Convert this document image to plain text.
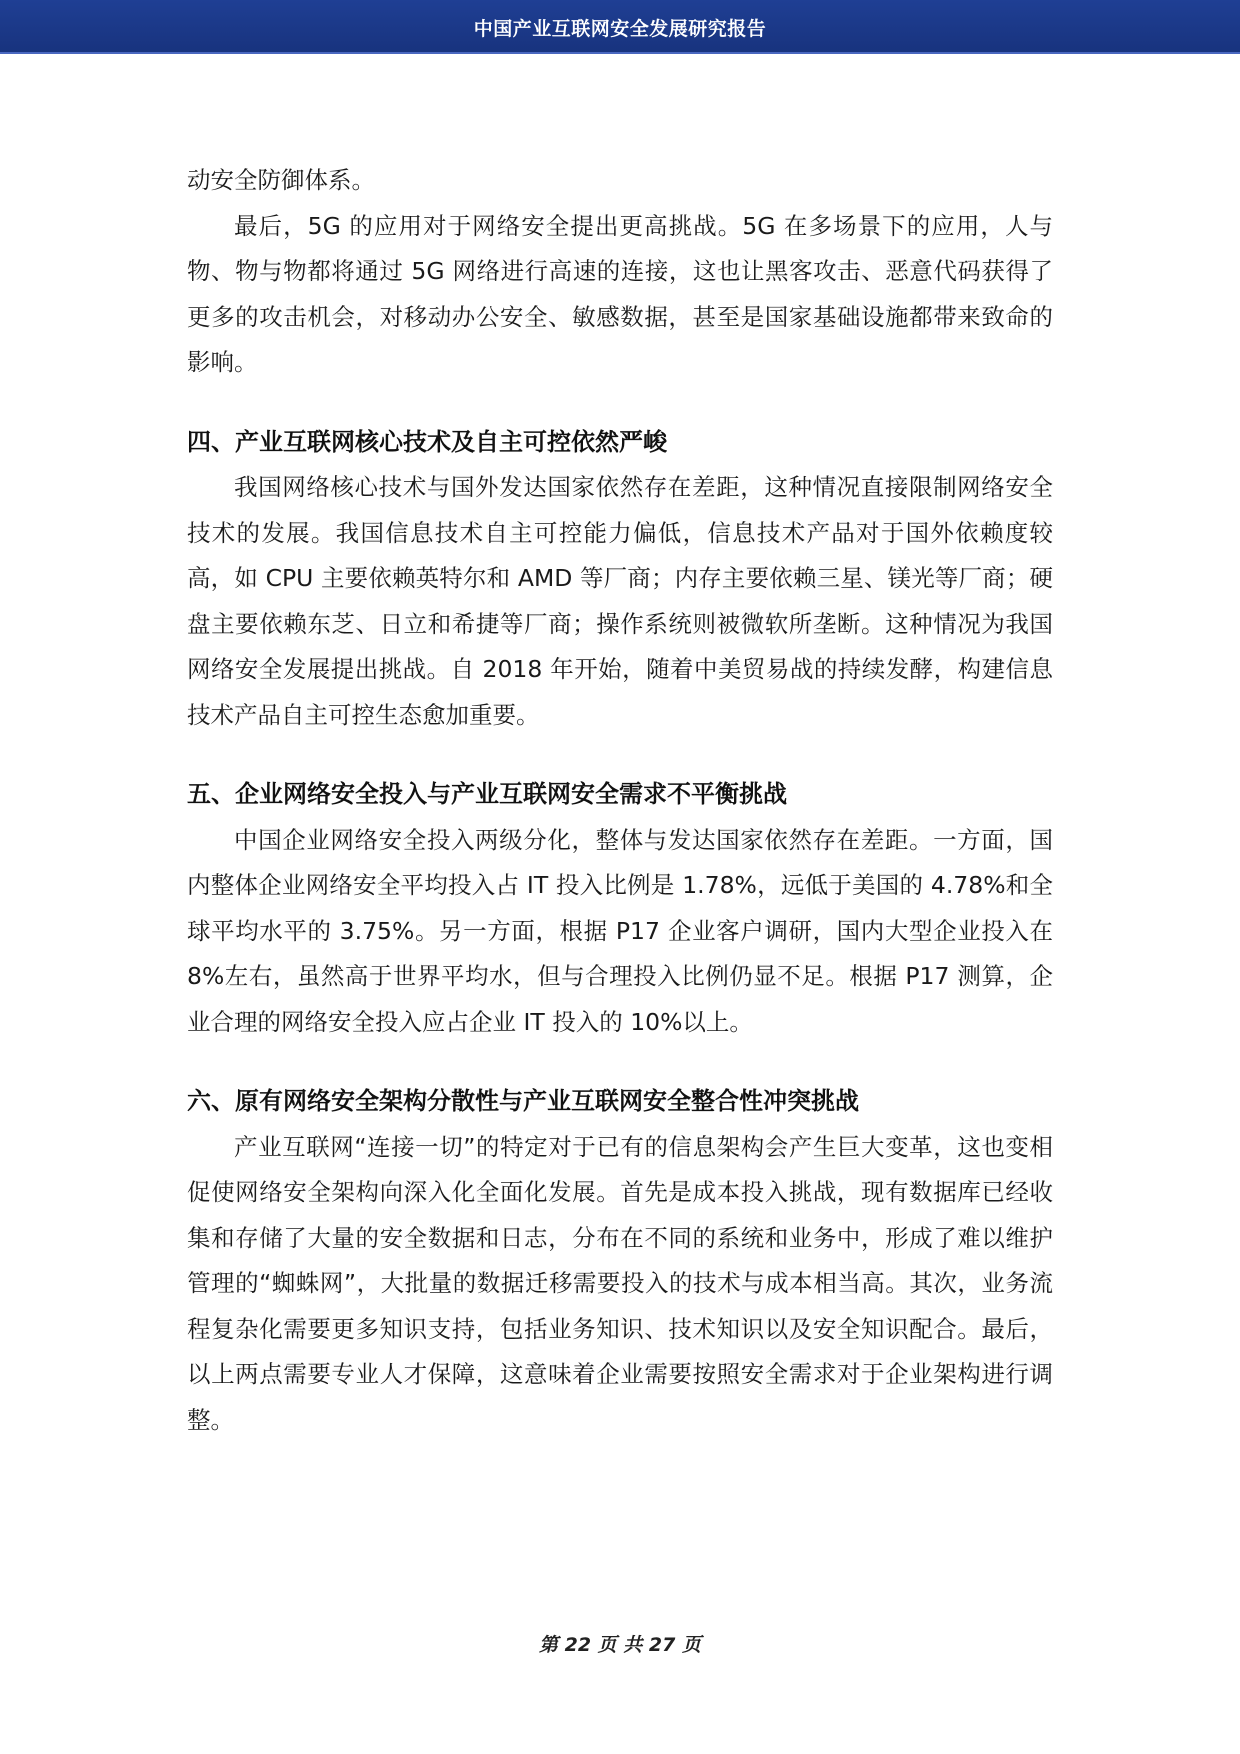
中国产业互联网安全发展研究报告

动安全防御体系。

最后，5G 的应用对于网络安全提出更高挑战。5G 在多场景下的应用，人与物、物与物都将通过 5G 网络进行高速的连接，这也让黑客攻击、恶意代码获得了更多的攻击机会，对移动办公安全、敏感数据，甚至是国家基础设施都带来致命的影响。

四、产业互联网核心技术及自主可控依然严峻

我国网络核心技术与国外发达国家依然存在差距，这种情况直接限制网络安全技术的发展。我国信息技术自主可控能力偏低，信息技术产品对于国外依赖度较高，如 CPU 主要依赖英特尔和 AMD 等厂商；内存主要依赖三星、镁光等厂商；硬盘主要依赖东芝、日立和希捷等厂商；操作系统则被微软所垄断。这种情况为我国网络安全发展提出挑战。自 2018 年开始，随着中美贸易战的持续发酵，构建信息技术产品自主可控生态愈加重要。

五、企业网络安全投入与产业互联网安全需求不平衡挑战

中国企业网络安全投入两级分化，整体与发达国家依然存在差距。一方面，国内整体企业网络安全平均投入占 IT 投入比例是 1.78%，远低于美国的 4.78%和全球平均水平的 3.75%。另一方面，根据 P17 企业客户调研，国内大型企业投入在 8%左右，虽然高于世界平均水，但与合理投入比例仍显不足。根据 P17 测算，企业合理的网络安全投入应占企业 IT 投入的 10%以上。

六、原有网络安全架构分散性与产业互联网安全整合性冲突挑战

产业互联网“连接一切”的特定对于已有的信息架构会产生巨大变革，这也变相促使网络安全架构向深入化全面化发展。首先是成本投入挑战，现有数据库已经收集和存储了大量的安全数据和日志，分布在不同的系统和业务中，形成了难以维护管理的“蜘蛛网”，大批量的数据迁移需要投入的技术与成本相当高。其次，业务流程复杂化需要更多知识支持，包括业务知识、技术知识以及安全知识配合。最后，以上两点需要专业人才保障，这意味着企业需要按照安全需求对于企业架构进行调整。

第 22 页 共 27 页
